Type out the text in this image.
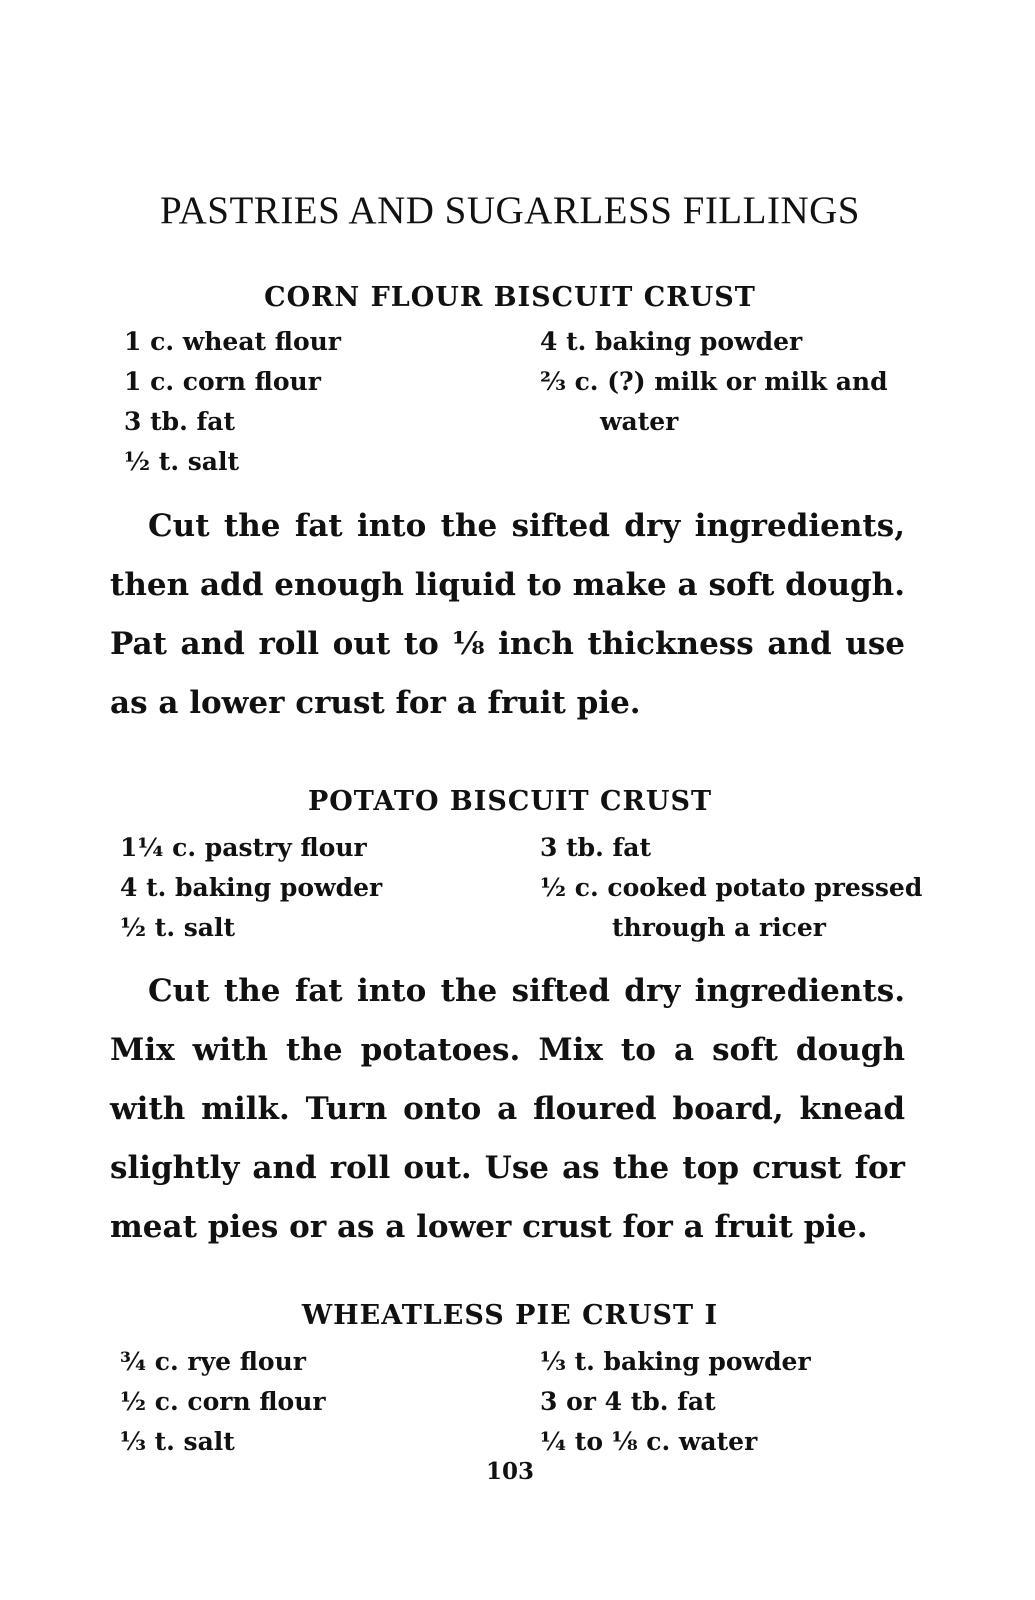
PASTRIES AND SUGARLESS FILLINGS
CORN FLOUR BISCUIT CRUST
1 c. wheat flour
1 c. corn flour
3 tb. fat
½ t. salt
4 t. baking powder
⅔ c. (?) milk or milk and
water

Cut the fat into the sifted dry ingredients, then add enough liquid to make a soft dough. Pat and roll out to ⅛ inch thickness and use as a lower crust for a fruit pie.

POTATO BISCUIT CRUST
1¼ c. pastry flour
4 t. baking powder
½ t. salt
3 tb. fat
½ c. cooked potato pressed
through a ricer

Cut the fat into the sifted dry ingredients. Mix with the potatoes. Mix to a soft dough with milk. Turn onto a floured board, knead slightly and roll out. Use as the top crust for meat pies or as a lower crust for a fruit pie.

WHEATLESS PIE CRUST I
¾ c. rye flour
½ c. corn flour
⅓ t. salt
⅓ t. baking powder
3 or 4 tb. fat
¼ to ⅛ c. water
103
